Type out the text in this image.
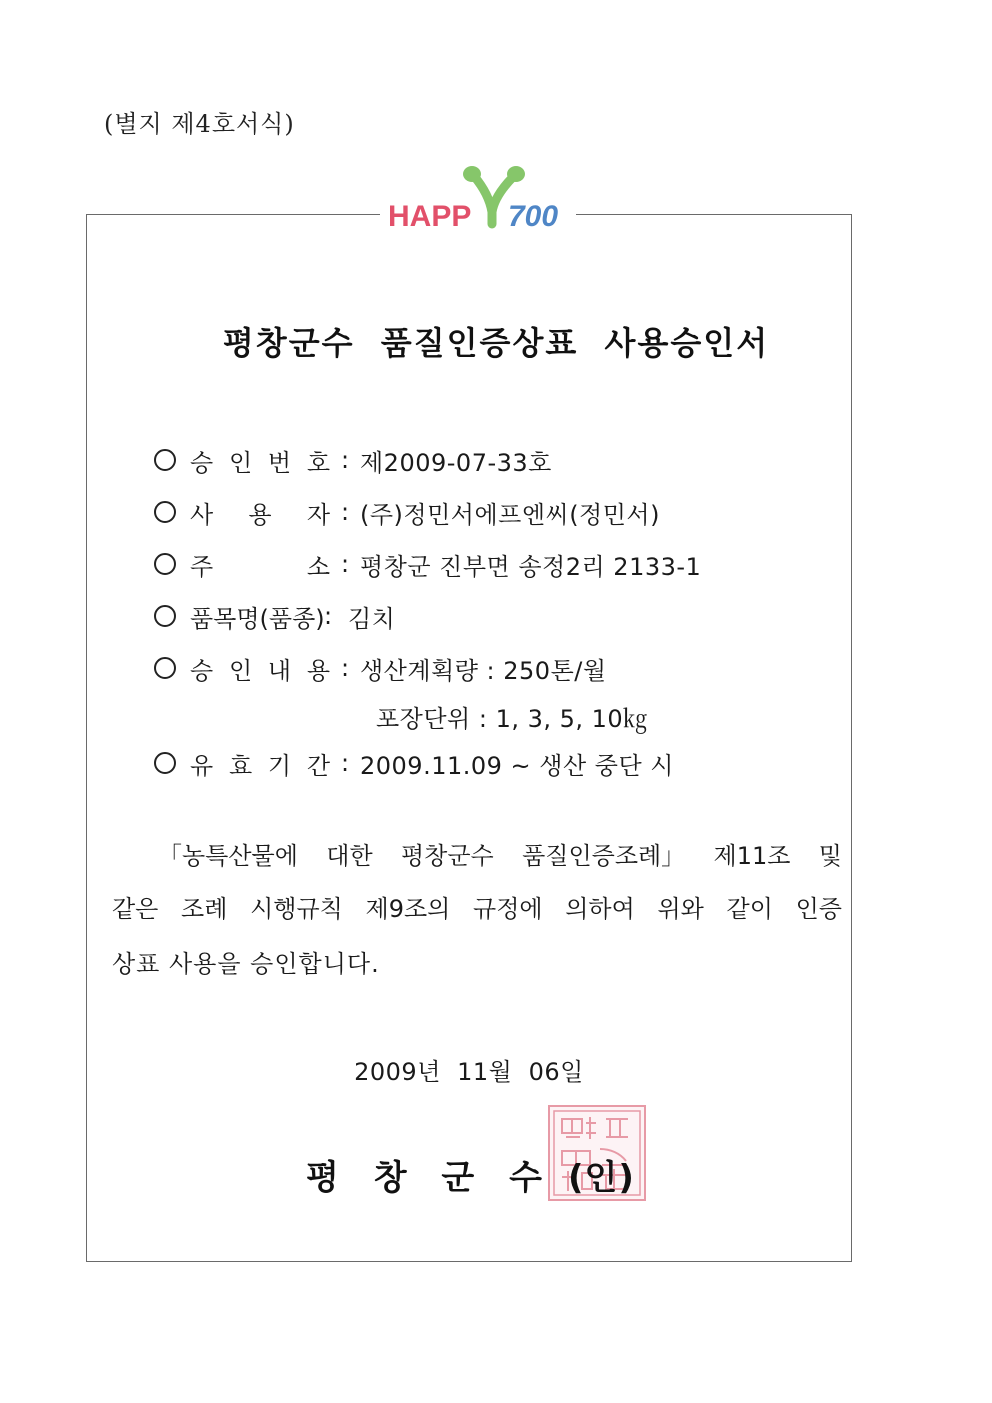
(별지 제4호서식)
HAPP 700
평창군수  품질인증상표  사용승인서
승 인 번 호 : 제2009-07-33호
사 용 자 : (주)정민서에프엔씨(정민서)
주	소 : 평창군 진부면 송정2리 2133-1
품목명(품종) : 김치
승 인 내 용 : 생산계획량 : 250톤/월
포장단위 : 1, 3, 5, 10㎏
유 효 기 간 : 2009.11.09 ~ 생산 중단 시
「농특산물에 대한 평창군수 품질인증조례」 제11조 및
같은 조례 시행규칙 제9조의 규정에 의하여 위와 같이 인증
상표 사용을 승인합니다.
2009년  11월  06일
평 창 군 수 (인)
